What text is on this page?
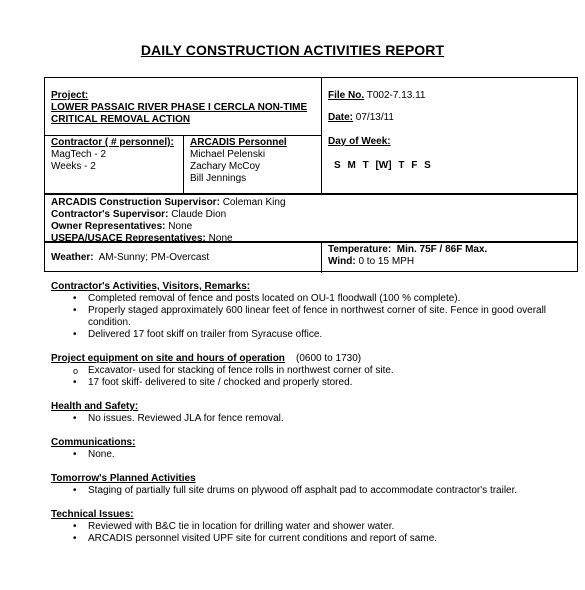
DAILY CONSTRUCTION ACTIVITIES REPORT
Project:
LOWER PASSAIC RIVER PHASE I CERCLA NON-TIME
CRITICAL REMOVAL ACTION
File No. T002-7.13.11
Date: 07/13/11
Day of Week:
S M T [W] T F S
Contractor ( # personnel):
MagTech - 2
Weeks - 2
ARCADIS Personnel
Michael Pelenski
Zachary McCoy
Bill Jennings
ARCADIS Construction Supervisor: Coleman King
Contractor's Supervisor: Claude Dion
Owner Representatives: None
USEPA/USACE Representatives: None
Weather: AM-Sunny; PM-Overcast
Temperature: Min. 75F / 86F Max.
Wind: 0 to 15 MPH
Contractor's Activities, Visitors, Remarks:
• Completed removal of fence and posts located on OU-1 floodwall (100 % complete).
• Properly staged approximately 600 linear feet of fence in northwest corner of site. Fence in good overall
condition.
• Delivered 17 foot skiff on trailer from Syracuse office.
Project equipment on site and hours of operation (0600 to 1730)
o Excavator- used for stacking of fence rolls in northwest corner of site.
• 17 foot skiff- delivered to site / chocked and properly stored.
Health and Safety:
• No issues. Reviewed JLA for fence removal.
Communications:
• None.
Tomorrow's Planned Activities
• Staging of partially full site drums on plywood off asphalt pad to accommodate contractor's trailer.
Technical Issues:
• Reviewed with B&C tie in location for drilling water and shower water.
• ARCADIS personnel visited UPF site for current conditions and report of same.
